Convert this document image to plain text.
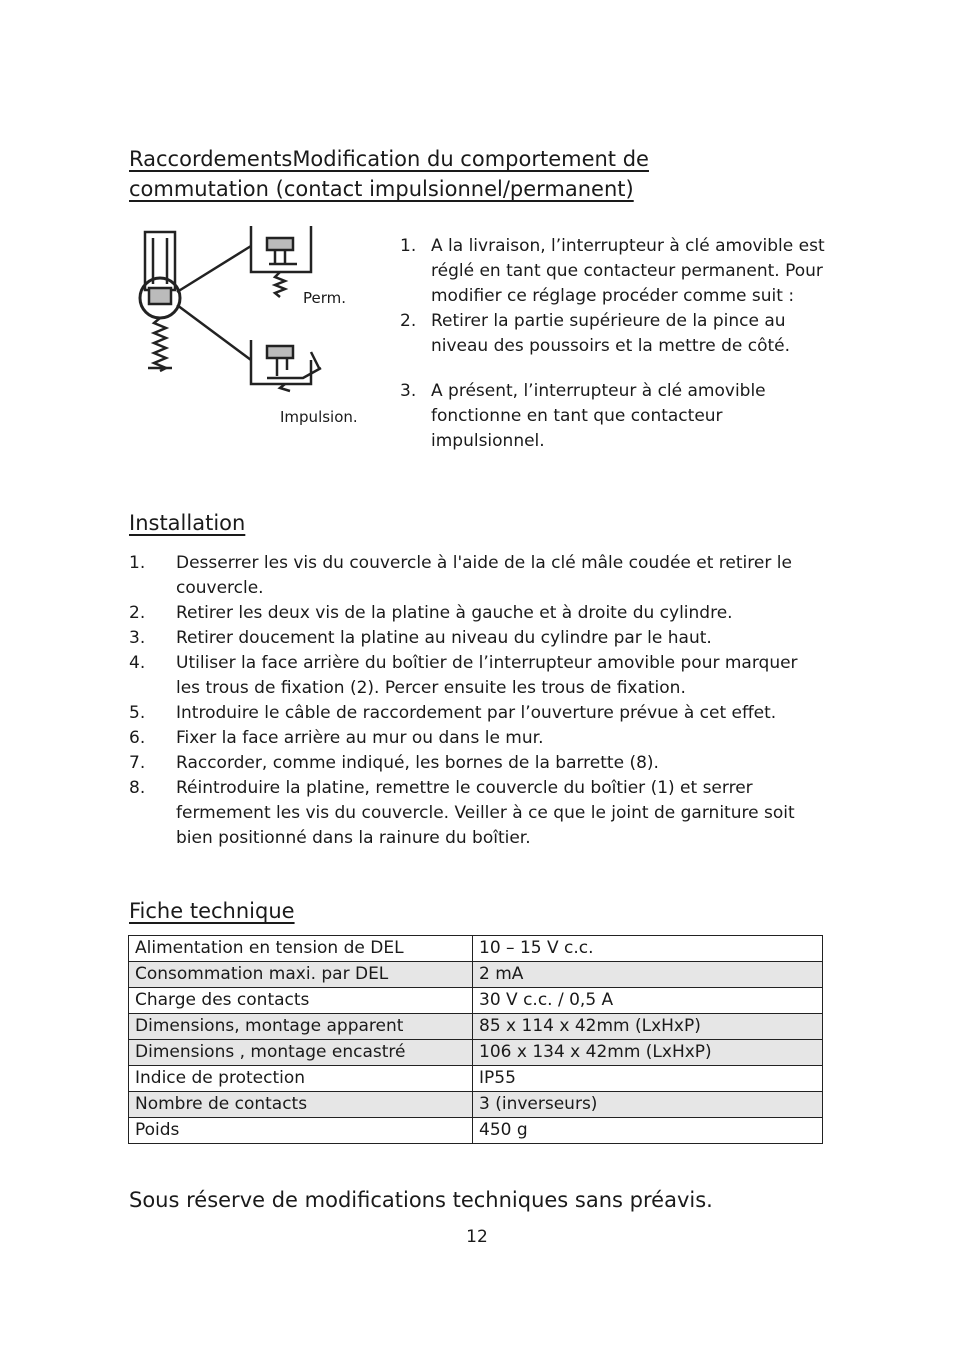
RaccordementsModification du comportement de
commutation (contact impulsionnel/permanent)
Perm.
Impulsion.
1. A la livraison, l’interrupteur à clé amovible est réglé en tant que contacteur permanent. Pour modifier ce réglage procéder comme suit :
2. Retirer la partie supérieure de la pince au niveau des poussoirs et la mettre de côté.
3. A présent, l’interrupteur à clé amovible fonctionne en tant que contacteur impulsionnel.
Installation
1.	Desserrer les vis du couvercle à l'aide de la clé mâle coudée et retirer le couvercle.
2.	Retirer les deux vis de la platine à gauche et à droite du cylindre.
3.	Retirer doucement la platine au niveau du cylindre par le haut.
4.	Utiliser la face arrière du boîtier de l’interrupteur amovible pour marquer les trous de fixation (2). Percer ensuite les trous de fixation.
5.	Introduire le câble de raccordement par l’ouverture prévue à cet effet.
6.	Fixer la face arrière au mur ou dans le mur.
7.	Raccorder, comme indiqué, les bornes de la barrette (8).
8.	Réintroduire la platine, remettre le couvercle du boîtier (1) et serrer fermement les vis du couvercle. Veiller à ce que le joint de garniture soit bien positionné dans la rainure du boîtier.
Fiche technique
Alimentation en tension de DEL	10 – 15 V c.c.
Consommation maxi. par DEL	2 mA
Charge des contacts	30 V c.c. / 0,5 A
Dimensions, montage apparent	85 x 114 x 42mm (LxHxP)
Dimensions , montage encastré	106 x 134 x 42mm (LxHxP)
Indice de protection	IP55
Nombre de contacts	3 (inverseurs)
Poids	450 g
Sous réserve de modifications techniques sans préavis.
12
